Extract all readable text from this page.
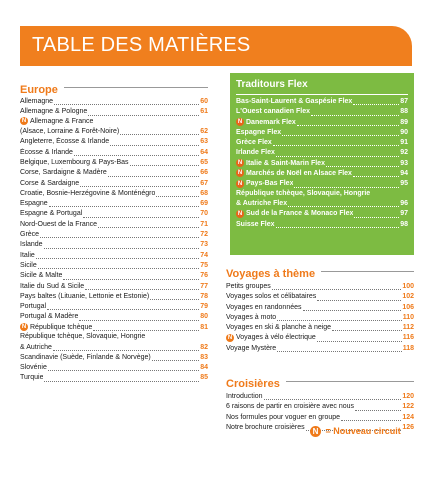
TABLE DES MATIÈRES
Europe
Allemagne	60
Allemagne & Pologne	61
N Allemagne & France
(Alsace, Lorraine & Forêt-Noire)	62
Angleterre, Écosse & Irlande	63
Écosse & Irlande	64
Belgique, Luxembourg & Pays-Bas	65
Corse, Sardaigne & Madère	66
Corse & Sardaigne	67
Croatie, Bosnie-Herzégovine & Monténégro	68
Espagne	69
Espagne & Portugal	70
Nord-Ouest de la France	71
Grèce	72
Islande	73
Italie	74
Sicile	75
Sicile & Malte	76
Italie du Sud & Sicile	77
Pays baltes (Lituanie, Lettonie et Estonie)	78
Portugal	79
Portugal & Madère	80
N République tchèque	81
République tchèque, Slovaquie, Hongrie
& Autriche	82
Scandinavie (Suède, Finlande & Norvège)	83
Slovénie	84
Turquie	85
Traditours Flex
Bas-Saint-Laurent & Gaspésie Flex	87
L'Ouest canadien Flex	88
N Danemark Flex	89
Espagne Flex	90
Grèce Flex	91
Irlande Flex	92
N Italie & Saint-Marin Flex	93
N Marchés de Noël en Alsace Flex	94
N Pays-Bas Flex	95
République tchèque, Slovaquie, Hongrie
& Autriche Flex	96
N Sud de la France & Monaco Flex	97
Suisse Flex	98
Voyages à thème
Petits groupes	100
Voyages solos et célibataires	102
Voyages en randonnées	106
Voyages à moto	110
Voyages en ski & planche à neige	112
N Voyages à vélo électrique	116
Voyage Mystère	118
Croisières
Introduction	120
6 raisons de partir en croisière avec nous	122
Nos formules pour voguer en groupe	124
Notre brochure croisières	126
N = Nouveau circuit
